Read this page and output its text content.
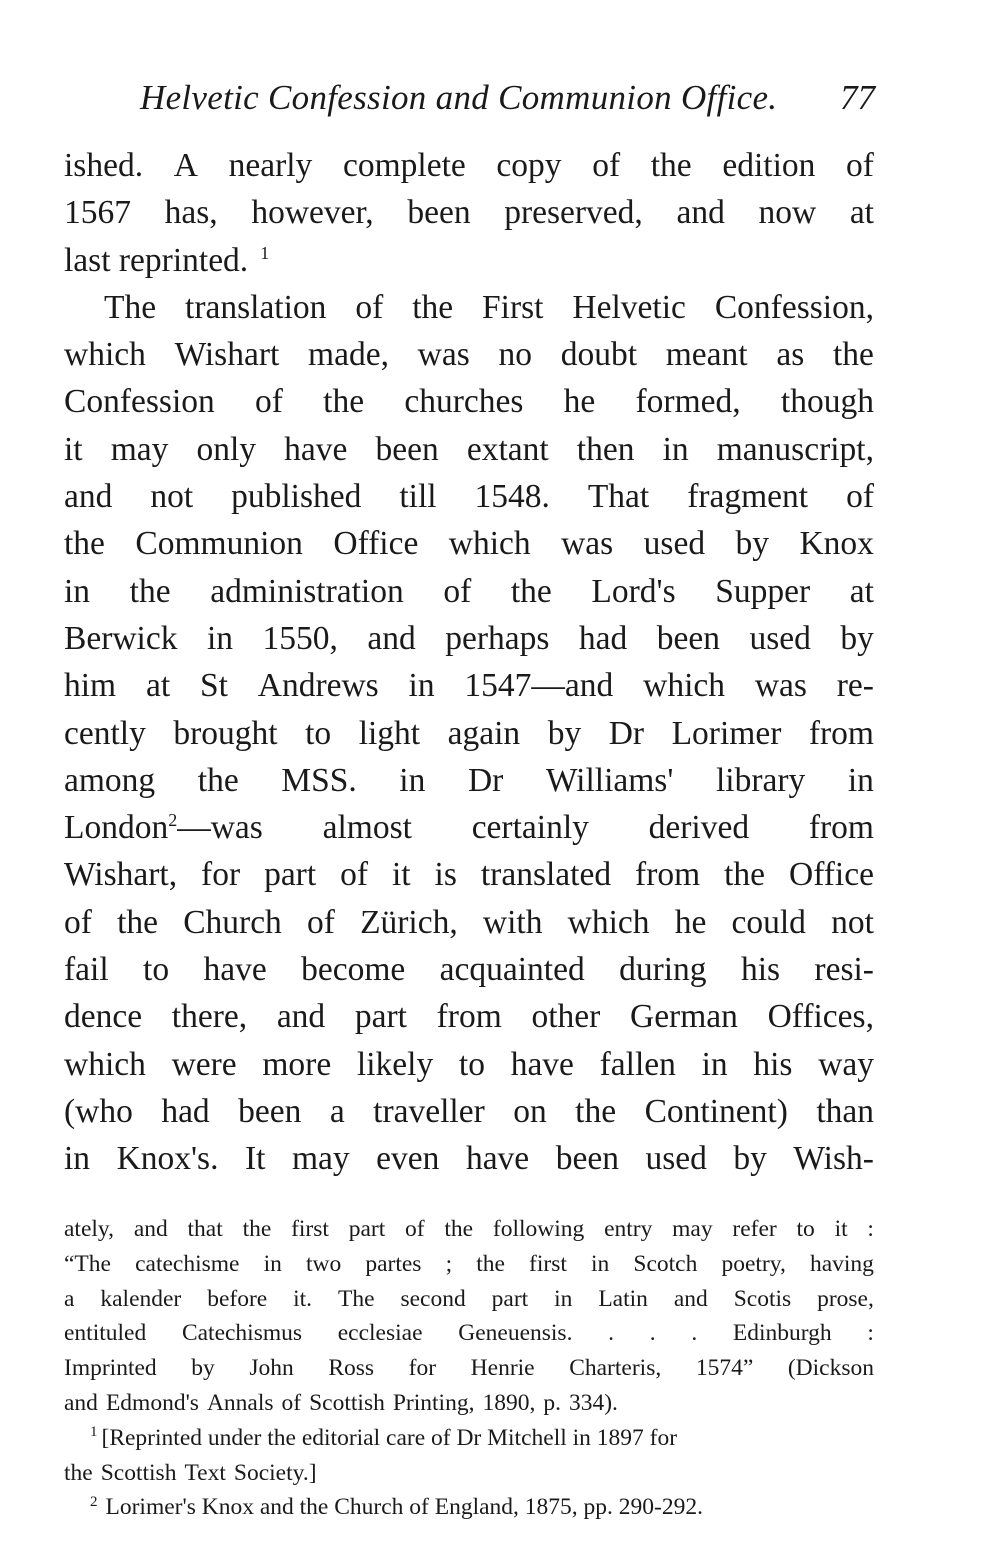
Helvetic Confession and Communion Office. 77
ished. A nearly complete copy of the edition of
1567 has, however, been preserved, and now at
last reprinted. $^1$
The translation of the First Helvetic Confession,
which Wishart made, was no doubt meant as the
Confession of the churches he formed, though
it may only have been extant then in manuscript,
and not published till 1548. That fragment of
the Communion Office which was used by Knox
in the administration of the Lord's Supper at
Berwick in 1550, and perhaps had been used by
him at St Andrews in 1547—and which was re-
cently brought to light again by Dr Lorimer from
among the MSS. in Dr Williams' library in
London$^2$—was almost certainly derived from
Wishart, for part of it is translated from the Office
of the Church of Zürich, with which he could not
fail to have become acquainted during his resi-
dence there, and part from other German Offices,
which were more likely to have fallen in his way
(who had been a traveller on the Continent) than
in Knox's. It may even have been used by Wish-
ately, and that the first part of the following entry may refer to it :
“The catechisme in two partes ; the first in Scotch poetry, having
a kalender before it. The second part in Latin and Scotis prose,
entituled Catechismus ecclesiae Geneuensis. . . . Edinburgh :
Imprinted by John Ross for Henrie Charteris, 1574” (Dickson
and Edmond's Annals of Scottish Printing, 1890, p. 334).
$^1$ [Reprinted under the editorial care of Dr Mitchell in 1897 for
the Scottish Text Society.]
$^2$ Lorimer's Knox and the Church of England, 1875, pp. 290-292.
